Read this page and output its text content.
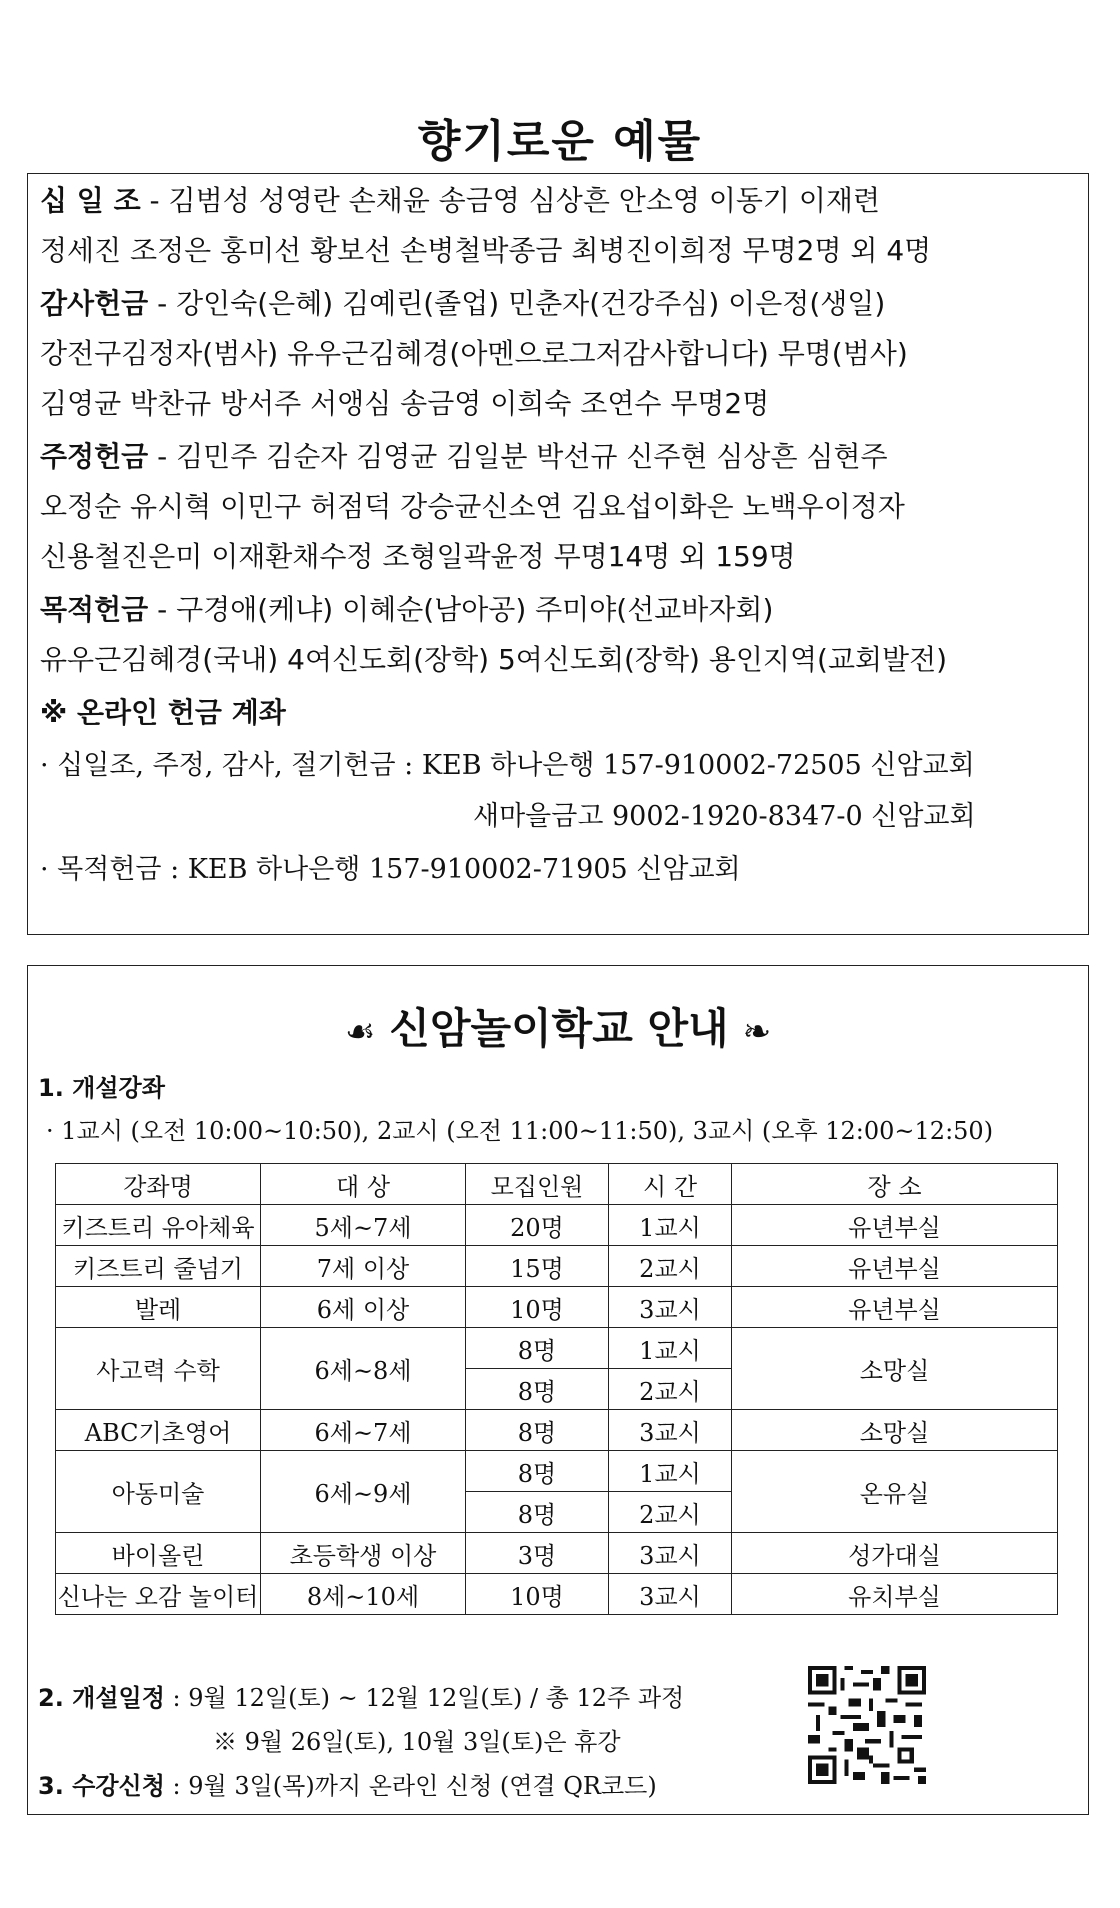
향기로운 예물
십 일 조 - 김범성 성영란 손채윤 송금영 심상흔 안소영 이동기 이재련
정세진 조정은 홍미선 황보선 손병철박종금 최병진이희정 무명2명 외 4명
감사헌금 - 강인숙(은혜) 김예린(졸업) 민춘자(건강주심) 이은정(생일)
강전구김정자(범사) 유우근김혜경(아멘으로그저감사합니다) 무명(범사)
김영균 박찬규 방서주 서앵심 송금영 이희숙 조연수 무명2명
주정헌금 - 김민주 김순자 김영균 김일분 박선규 신주현 심상흔 심현주
오정순 유시혁 이민구 허점덕 강승균신소연 김요섭이화은 노백우이정자
신용철진은미 이재환채수정 조형일곽윤정 무명14명 외 159명
목적헌금 - 구경애(케냐) 이혜순(남아공) 주미야(선교바자회)
유우근김혜경(국내) 4여신도회(장학) 5여신도회(장학) 용인지역(교회발전)
※ 온라인 헌금 계좌
· 십일조, 주정, 감사, 절기헌금 : KEB 하나은행 157-910002-72505 신암교회
새마을금고 9002-1920-8347-0 신암교회
· 목적헌금 : KEB 하나은행 157-910002-71905 신암교회
☙ 신암놀이학교 안내 ❧
1. 개설강좌
· 1교시 (오전 10:00~10:50), 2교시 (오전 11:00~11:50), 3교시 (오후 12:00~12:50)
강좌명	대 상	모집인원	시 간	장 소
키즈트리 유아체육	5세~7세	20명	1교시	유년부실
키즈트리 줄넘기	7세 이상	15명	2교시	유년부실
발레	6세 이상	10명	3교시	유년부실
사고력 수학	6세~8세	8명	1교시	소망실
		8명	2교시	
ABC기초영어	6세~7세	8명	3교시	소망실
아동미술	6세~9세	8명	1교시	온유실
		8명	2교시	
바이올린	초등학생 이상	3명	3교시	성가대실
신나는 오감 놀이터	8세~10세	10명	3교시	유치부실
2. 개설일정 : 9월 12일(토) ~ 12월 12일(토) / 총 12주 과정
※ 9월 26일(토), 10월 3일(토)은 휴강
3. 수강신청 : 9월 3일(목)까지 온라인 신청 (연결 QR코드)
